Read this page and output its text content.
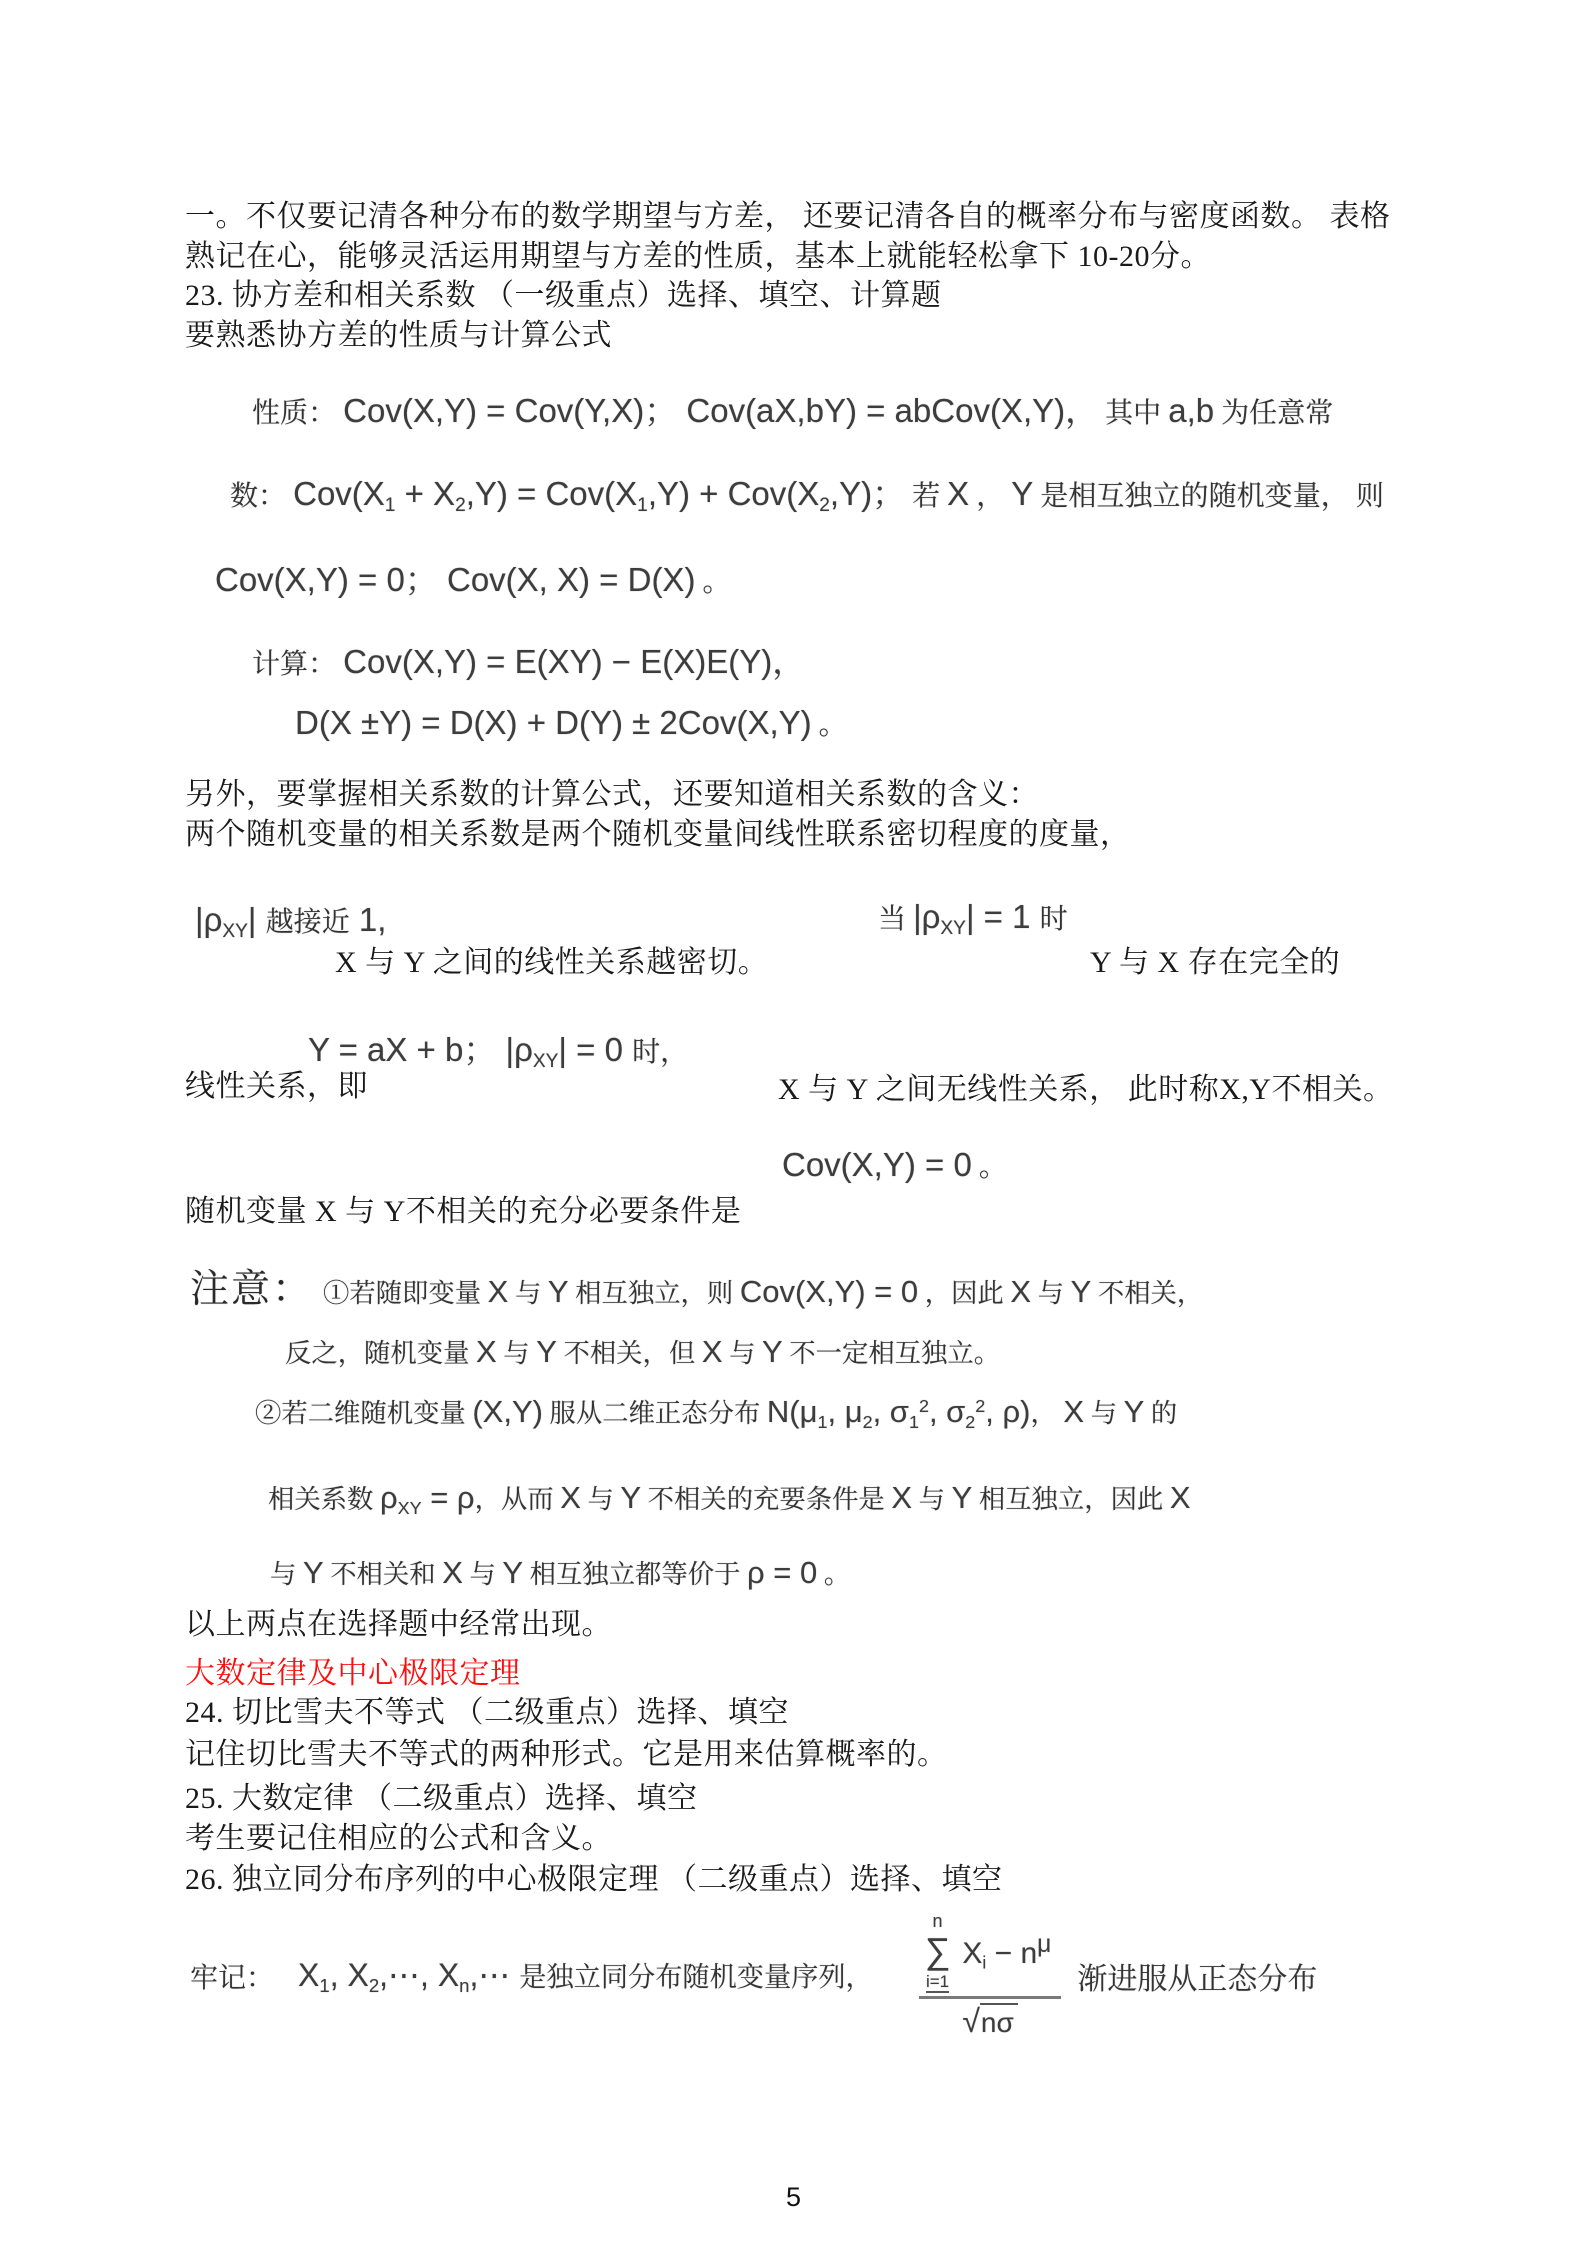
一。不仅要记清各种分布的数学期望与方差， 还要记清各自的概率分布与密度函数。 表格
熟记在心，能够灵活运用期望与方差的性质，基本上就能轻松拿下 10-20分。
23. 协方差和相关系数 （一级重点）选择、填空、计算题
要熟悉协方差的性质与计算公式
性质： Cov(X,Y) = Cov(Y,X)； Cov(aX,bY) = abCov(X,Y)， 其中 a,b 为任意常
数： Cov(X1 + X2,Y) = Cov(X1,Y) + Cov(X2,Y)； 若 X ， Y 是相互独立的随机变量， 则
Cov(X,Y) = 0； Cov(X, X) = D(X) 。
计算： Cov(X,Y) = E(XY) − E(X)E(Y)，
D(X ±Y) = D(X) + D(Y) ± 2Cov(X,Y) 。
另外，要掌握相关系数的计算公式，还要知道相关系数的含义：
两个随机变量的相关系数是两个随机变量间线性联系密切程度的度量，
|ρXY| 越接近 1,
X 与 Y 之间的线性关系越密切。
当 |ρXY| = 1 时
Y 与 X 存在完全的
线性关系，即
Y = aX + b； |ρXY| = 0 时，
X 与 Y 之间无线性关系， 此时称X,Y不相关。
随机变量 X 与 Y不相关的充分必要条件是
Cov(X,Y) = 0 。
注意： ①若随即变量 X 与 Y 相互独立，则 Cov(X,Y) = 0 ，因此 X 与 Y 不相关，
反之，随机变量 X 与 Y 不相关，但 X 与 Y 不一定相互独立。
②若二维随机变量 (X,Y) 服从二维正态分布 N(μ1, μ2, $\sigma 1^2$, $\sigma 2^2$, ρ)， X 与 Y 的
相关系数 ρXY = ρ，从而 X 与 Y 不相关的充要条件是 X 与 Y 相互独立，因此 X
与 Y 不相关和 X 与 Y 相互独立都等价于 ρ = 0 。
以上两点在选择题中经常出现。
大数定律及中心极限定理
24. 切比雪夫不等式 （二级重点）选择、填空
记住切比雪夫不等式的两种形式。它是用来估算概率的。
25. 大数定律 （二级重点）选择、填空
考生要记住相应的公式和含义。
26. 独立同分布序列的中心极限定理 （二级重点）选择、填空
牢记： X1, X2,⋯, Xn,⋯ 是独立同分布随机变量序列，	n
∑
i=1
$Xi - n^\mu$
√ nσ 渐进服从正态分布
5
